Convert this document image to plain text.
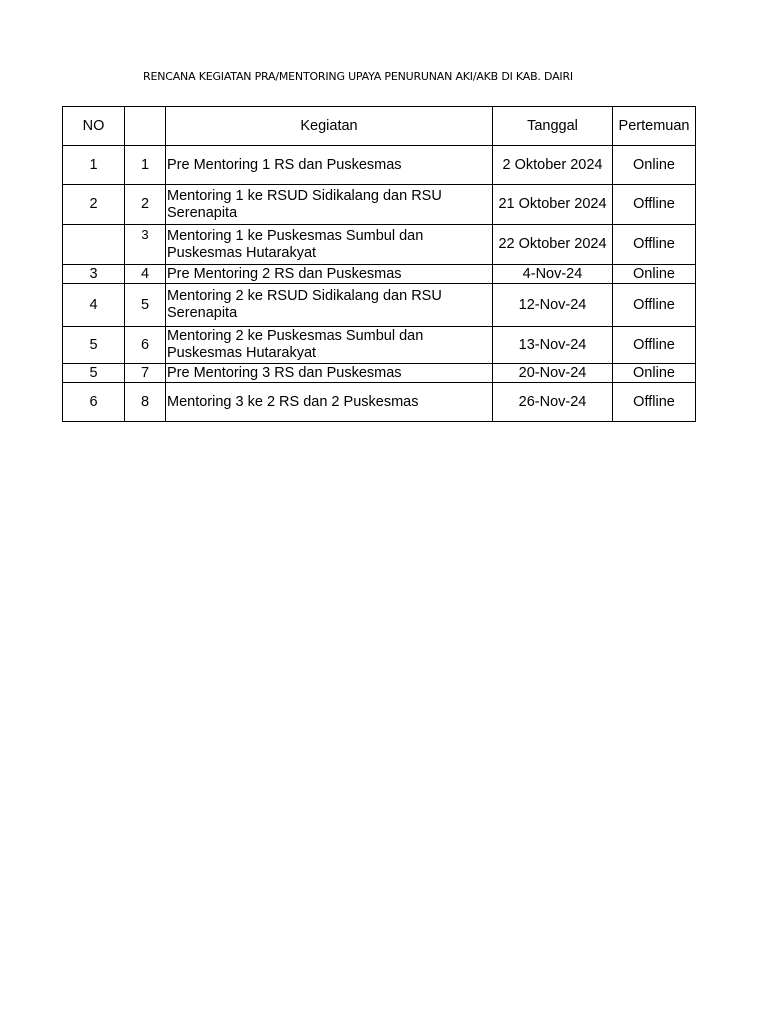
RENCANA KEGIATAN PRA/MENTORING UPAYA PENURUNAN AKI/AKB DI KAB. DAIRI
NO		Kegiatan	Tanggal	Pertemuan
1	1	Pre Mentoring 1 RS dan Puskesmas	2 Oktober 2024	Online
2	2	Mentoring 1 ke RSUD Sidikalang dan RSU Serenapita	21 Oktober 2024	Offline
	3	Mentoring 1 ke Puskesmas Sumbul dan Puskesmas Hutarakyat	22 Oktober 2024	Offline
3	4	Pre Mentoring 2 RS dan Puskesmas	4-Nov-24	Online
4	5	Mentoring 2 ke RSUD Sidikalang dan RSU Serenapita	12-Nov-24	Offline
5	6	Mentoring 2 ke Puskesmas Sumbul dan Puskesmas Hutarakyat	13-Nov-24	Offline
5	7	Pre Mentoring 3 RS dan Puskesmas	20-Nov-24	Online
6	8	Mentoring 3 ke 2 RS dan 2 Puskesmas	26-Nov-24	Offline
